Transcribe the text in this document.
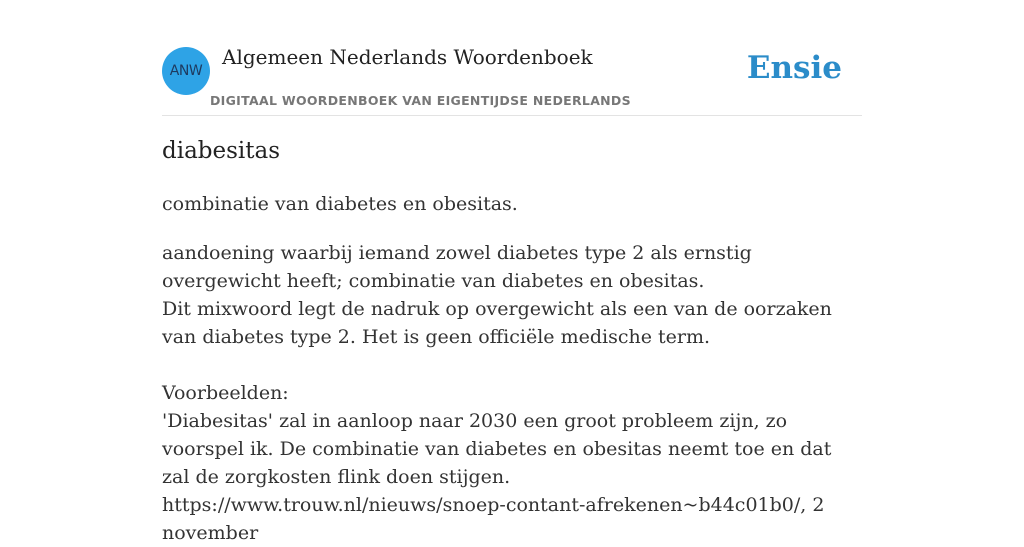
ANW
Algemeen Nederlands Woordenboek
DIGITAAL WOORDENBOEK VAN EIGENTIJDSE NEDERLANDS
Ensie
diabesitas
combinatie van diabetes en obesitas.

aandoening waarbij iemand zowel diabetes type 2 als ernstig overgewicht heeft; combinatie van diabetes en obesitas.

Dit mixwoord legt de nadruk op overgewicht als een van de oorzaken van diabetes type 2. Het is geen officiële medische term.

Voorbeelden:

'Diabesitas' zal in aanloop naar 2030 een groot probleem zijn, zo voorspel ik. De combinatie van diabetes en obesitas neemt toe en dat zal de zorgkosten flink doen stijgen.

https://www.trouw.nl/nieuws/snoep-contant-afrekenen~b44c01b0/, 2 november
